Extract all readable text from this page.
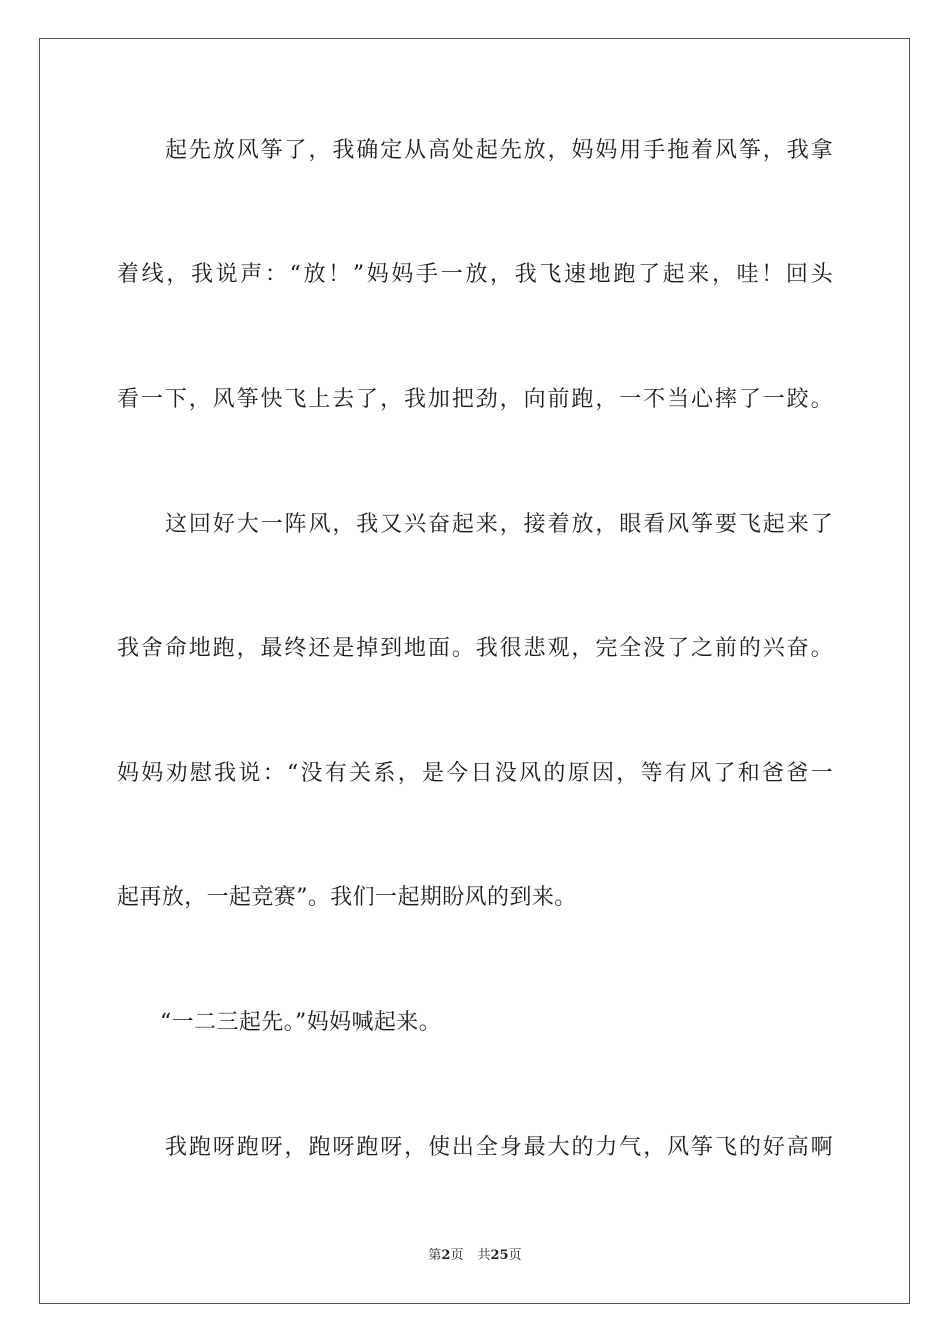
起先放风筝了，我确定从高处起先放，妈妈用手拖着风筝，我拿
着线，我说声：“放！”妈妈手一放，我飞速地跑了起来，哇！回头
看一下，风筝快飞上去了，我加把劲，向前跑，一不当心摔了一跤。
这回好大一阵风，我又兴奋起来，接着放，眼看风筝要飞起来了
我舍命地跑，最终还是掉到地面。我很悲观，完全没了之前的兴奋。
妈妈劝慰我说：“没有关系，是今日没风的原因，等有风了和爸爸一
起再放，一起竞赛”。我们一起期盼风的到来。
“一二三起先。”妈妈喊起来。
我跑呀跑呀，跑呀跑呀，使出全身最大的力气，风筝飞的好高啊
第2页 共25页
